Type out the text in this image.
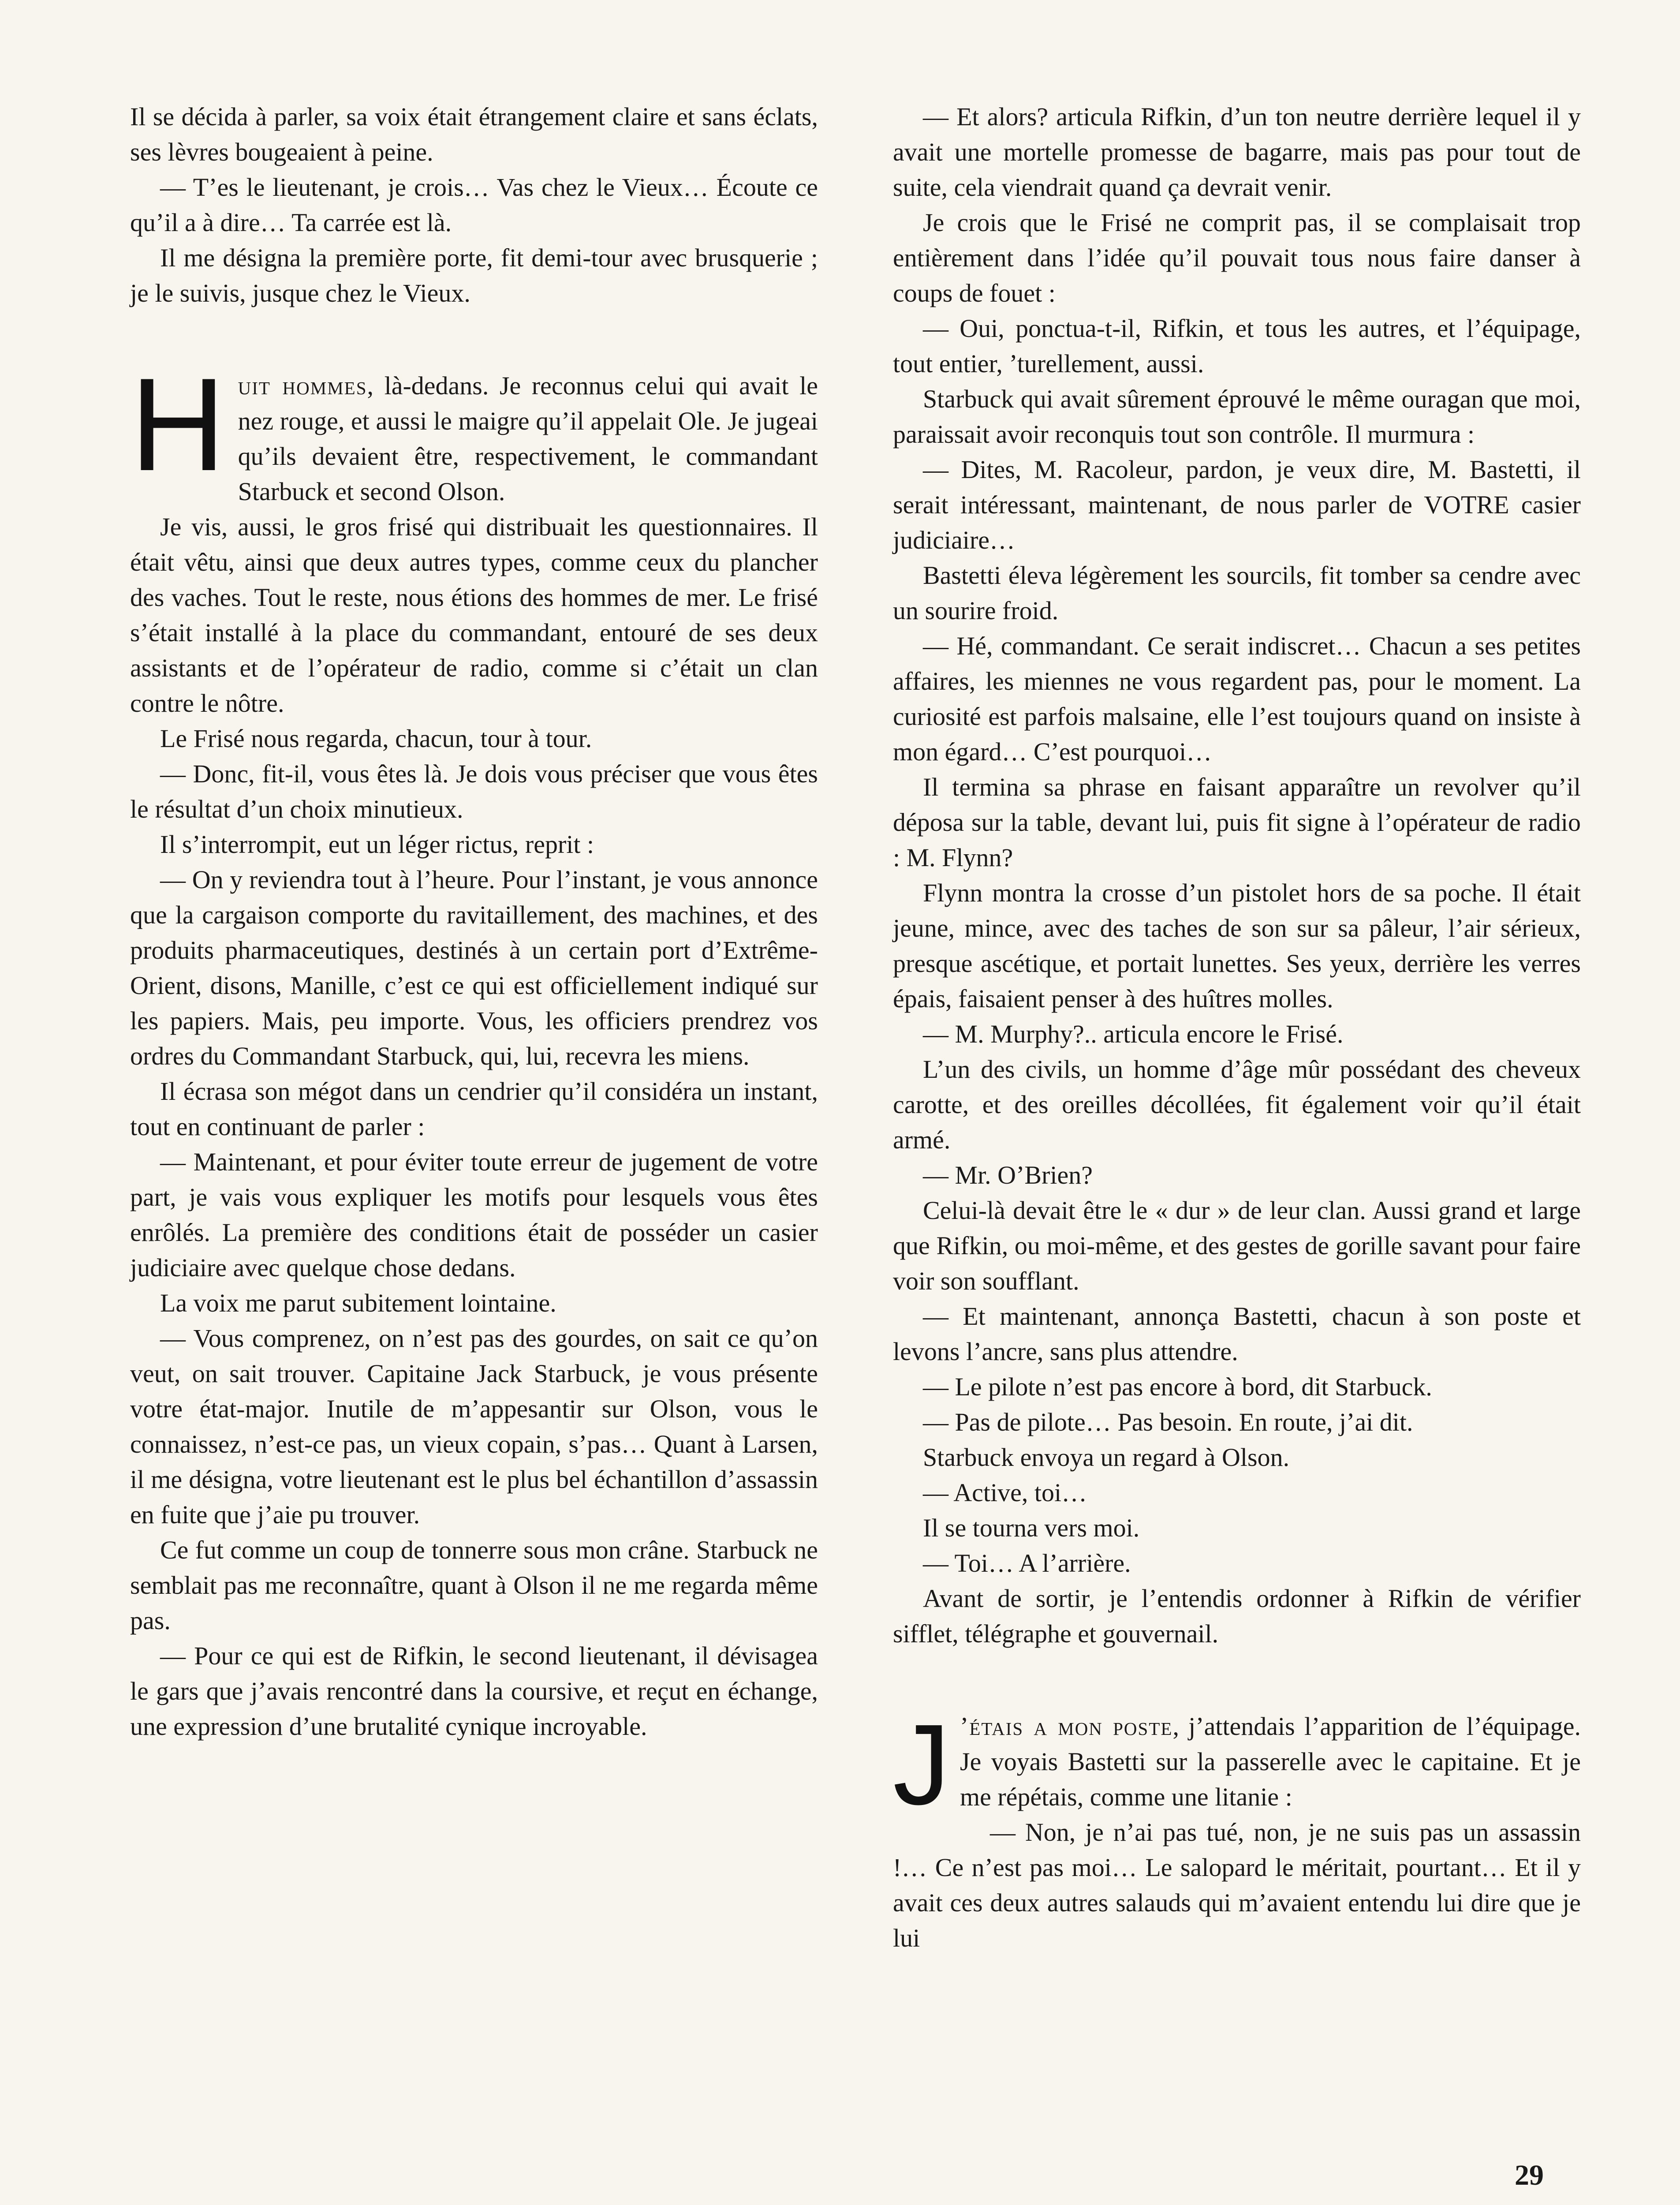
Il se décida à parler, sa voix était étrangement claire et sans éclats, ses lèvres bougeaient à peine.

— T’es le lieutenant, je crois… Vas chez le Vieux… Écoute ce qu’il a à dire… Ta carrée est là.

Il me désigna la première porte, fit demi-tour avec brusquerie ; je le suivis, jusque chez le Vieux.

Huit hommes, là-dedans. Je reconnus celui qui avait le nez rouge, et aussi le maigre qu’il appelait Ole. Je jugeai qu’ils devaient être, respectivement, le commandant Starbuck et second Olson.

Je vis, aussi, le gros frisé qui distribuait les questionnaires. Il était vêtu, ainsi que deux autres types, comme ceux du plancher des vaches. Tout le reste, nous étions des hommes de mer. Le frisé s’était installé à la place du commandant, entouré de ses deux assistants et de l’opérateur de radio, comme si c’était un clan contre le nôtre.

Le Frisé nous regarda, chacun, tour à tour.

— Donc, fit-il, vous êtes là. Je dois vous préciser que vous êtes le résultat d’un choix minutieux.

Il s’interrompit, eut un léger rictus, reprit :

— On y reviendra tout à l’heure. Pour l’instant, je vous annonce que la cargaison comporte du ravitaillement, des machines, et des produits pharmaceutiques, destinés à un certain port d’Extrême-Orient, disons, Manille, c’est ce qui est officiellement indiqué sur les papiers. Mais, peu importe. Vous, les officiers prendrez vos ordres du Commandant Starbuck, qui, lui, recevra les miens.

Il écrasa son mégot dans un cendrier qu’il considéra un instant, tout en continuant de parler :

— Maintenant, et pour éviter toute erreur de jugement de votre part, je vais vous expliquer les motifs pour lesquels vous êtes enrôlés. La première des conditions était de posséder un casier judiciaire avec quelque chose dedans.

La voix me parut subitement lointaine.

— Vous comprenez, on n’est pas des gourdes, on sait ce qu’on veut, on sait trouver. Capitaine Jack Starbuck, je vous présente votre état-major. Inutile de m’appesantir sur Olson, vous le connaissez, n’est-ce pas, un vieux copain, s’pas… Quant à Larsen, il me désigna, votre lieutenant est le plus bel échantillon d’assassin en fuite que j’aie pu trouver.

Ce fut comme un coup de tonnerre sous mon crâne. Starbuck ne semblait pas me reconnaître, quant à Olson il ne me regarda même pas.

— Pour ce qui est de Rifkin, le second lieutenant, il dévisagea le gars que j’avais rencontré dans la coursive, et reçut en échange, une expression d’une brutalité cynique incroyable.

— Et alors? articula Rifkin, d’un ton neutre derrière lequel il y avait une mortelle promesse de bagarre, mais pas pour tout de suite, cela viendrait quand ça devrait venir.

Je crois que le Frisé ne comprit pas, il se complaisait trop entièrement dans l’idée qu’il pouvait tous nous faire danser à coups de fouet :

— Oui, ponctua-t-il, Rifkin, et tous les autres, et l’équipage, tout entier, ’turellement, aussi.

Starbuck qui avait sûrement éprouvé le même ouragan que moi, paraissait avoir reconquis tout son contrôle. Il murmura :

— Dites, M. Racoleur, pardon, je veux dire, M. Bastetti, il serait intéressant, maintenant, de nous parler de VOTRE casier judiciaire…

Bastetti éleva légèrement les sourcils, fit tomber sa cendre avec un sourire froid.

— Hé, commandant. Ce serait indiscret… Chacun a ses petites affaires, les miennes ne vous regardent pas, pour le moment. La curiosité est parfois malsaine, elle l’est toujours quand on insiste à mon égard… C’est pourquoi…

Il termina sa phrase en faisant apparaître un revolver qu’il déposa sur la table, devant lui, puis fit signe à l’opérateur de radio : M. Flynn?

Flynn montra la crosse d’un pistolet hors de sa poche. Il était jeune, mince, avec des taches de son sur sa pâleur, l’air sérieux, presque ascétique, et portait lunettes. Ses yeux, derrière les verres épais, faisaient penser à des huîtres molles.

— M. Murphy?.. articula encore le Frisé.

L’un des civils, un homme d’âge mûr possédant des cheveux carotte, et des oreilles décollées, fit également voir qu’il était armé.

— Mr. O’Brien?

Celui-là devait être le « dur » de leur clan. Aussi grand et large que Rifkin, ou moi-même, et des gestes de gorille savant pour faire voir son soufflant.

— Et maintenant, annonça Bastetti, chacun à son poste et levons l’ancre, sans plus attendre.

— Le pilote n’est pas encore à bord, dit Starbuck.

— Pas de pilote… Pas besoin. En route, j’ai dit.

Starbuck envoya un regard à Olson.

— Active, toi…

Il se tourna vers moi.

— Toi… A l’arrière.

Avant de sortir, je l’entendis ordonner à Rifkin de vérifier sifflet, télégraphe et gouvernail.

J ’étais a mon poste, j’attendais l’apparition de l’équipage. Je voyais Bastetti sur la passerelle avec le capitaine. Et je me répétais, comme une litanie :

— Non, je n’ai pas tué, non, je ne suis pas un assassin !… Ce n’est pas moi… Le salopard le méritait, pourtant… Et il y avait ces deux autres salauds qui m’avaient entendu lui dire que je lui

29
